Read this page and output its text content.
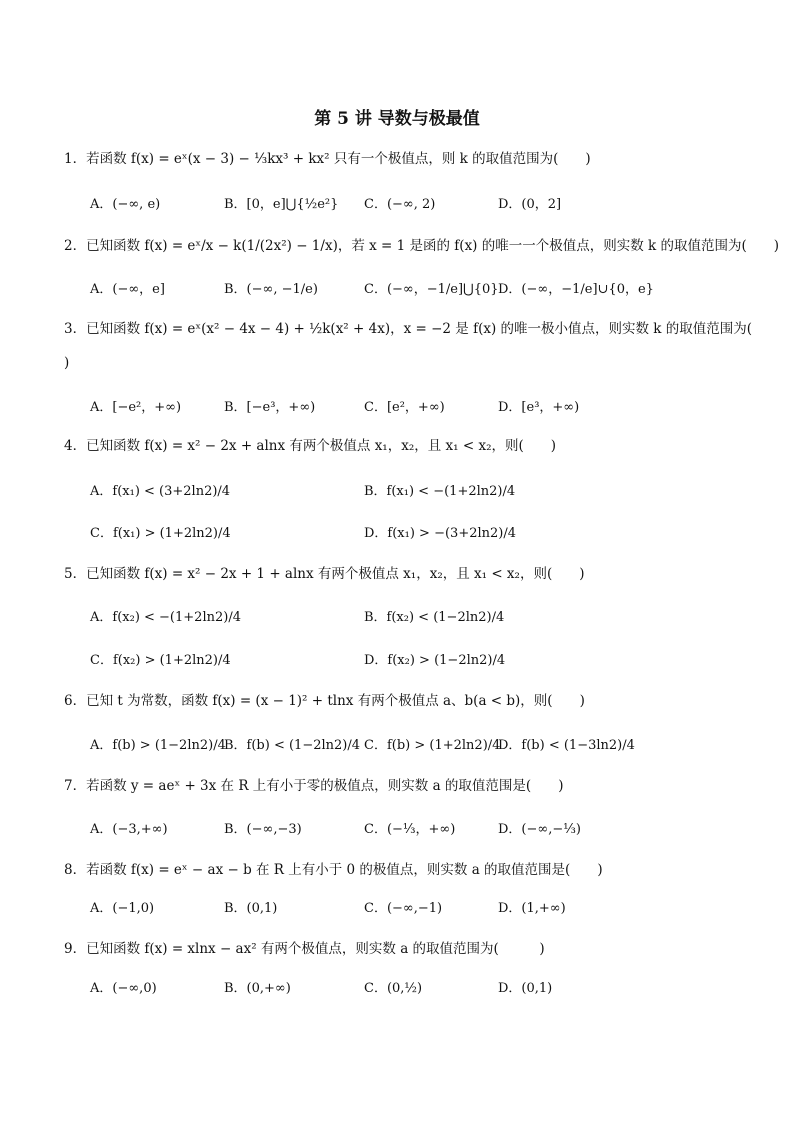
第 5 讲 导数与极最值
1．若函数 f(x) = eˣ(x − 3) − ⅓kx³ + kx² 只有一个极值点，则 k 的取值范围为(　　)
A．(−∞, e)	B．[0，e]⋃{½e²} C．(−∞, 2)	D．(0，2]
2．已知函数 f(x) = eˣ/x − k(1/(2x²) − 1/x)，若 x = 1 是函的 f(x) 的唯一一个极值点，则实数 k 的取值范围为(　　)
A．(−∞，e]	B．(−∞, −1/e)	C．(−∞，−1/e]⋃{0} D．(−∞，−1/e]∪{0，e}
3．已知函数 f(x) = eˣ(x² − 4x − 4) + ½k(x² + 4x)，x = −2 是 f(x) 的唯一极小值点，则实数 k 的取值范围为(
)
A．[−e²，+∞)	B．[−e³，+∞)	C．[e²，+∞)	D．[e³，+∞)
4．已知函数 f(x) = x² − 2x + alnx 有两个极值点 x₁，x₂，且 x₁ < x₂，则(　　)
A．f(x₁) < (3+2ln2)/4	B．f(x₁) < −(1+2ln2)/4
C．f(x₁) > (1+2ln2)/4	D．f(x₁) > −(3+2ln2)/4
5．已知函数 f(x) = x² − 2x + 1 + alnx 有两个极值点 x₁，x₂，且 x₁ < x₂，则(　　)
A．f(x₂) < −(1+2ln2)/4	B．f(x₂) < (1−2ln2)/4
C．f(x₂) > (1+2ln2)/4	D．f(x₂) > (1−2ln2)/4
6．已知 t 为常数，函数 f(x) = (x − 1)² + tlnx 有两个极值点 a、b(a < b)，则(　　)
A．f(b) > (1−2ln2)/4
B．f(b) < (1−2ln2)/4 C．f(b) > (1+2ln2)/4
D．f(b) < (1−3ln2)/4
7．若函数 y = aeˣ + 3x 在 R 上有小于零的极值点，则实数 a 的取值范围是(　　)
A．(−3,+∞)	B．(−∞,−3)	C．(−⅓，+∞)	D．(−∞,−⅓)
8．若函数 f(x) = eˣ − ax − b 在 R 上有小于 0 的极值点，则实数 a 的取值范围是(　　)
A．(−1,0)	B．(0,1)	C．(−∞,−1)	D．(1,+∞)
9．已知函数 f(x) = xlnx − ax² 有两个极值点，则实数 a 的取值范围为(　　　)
A．(−∞,0)	B．(0,+∞)	C．(0,½)	D．(0,1)
